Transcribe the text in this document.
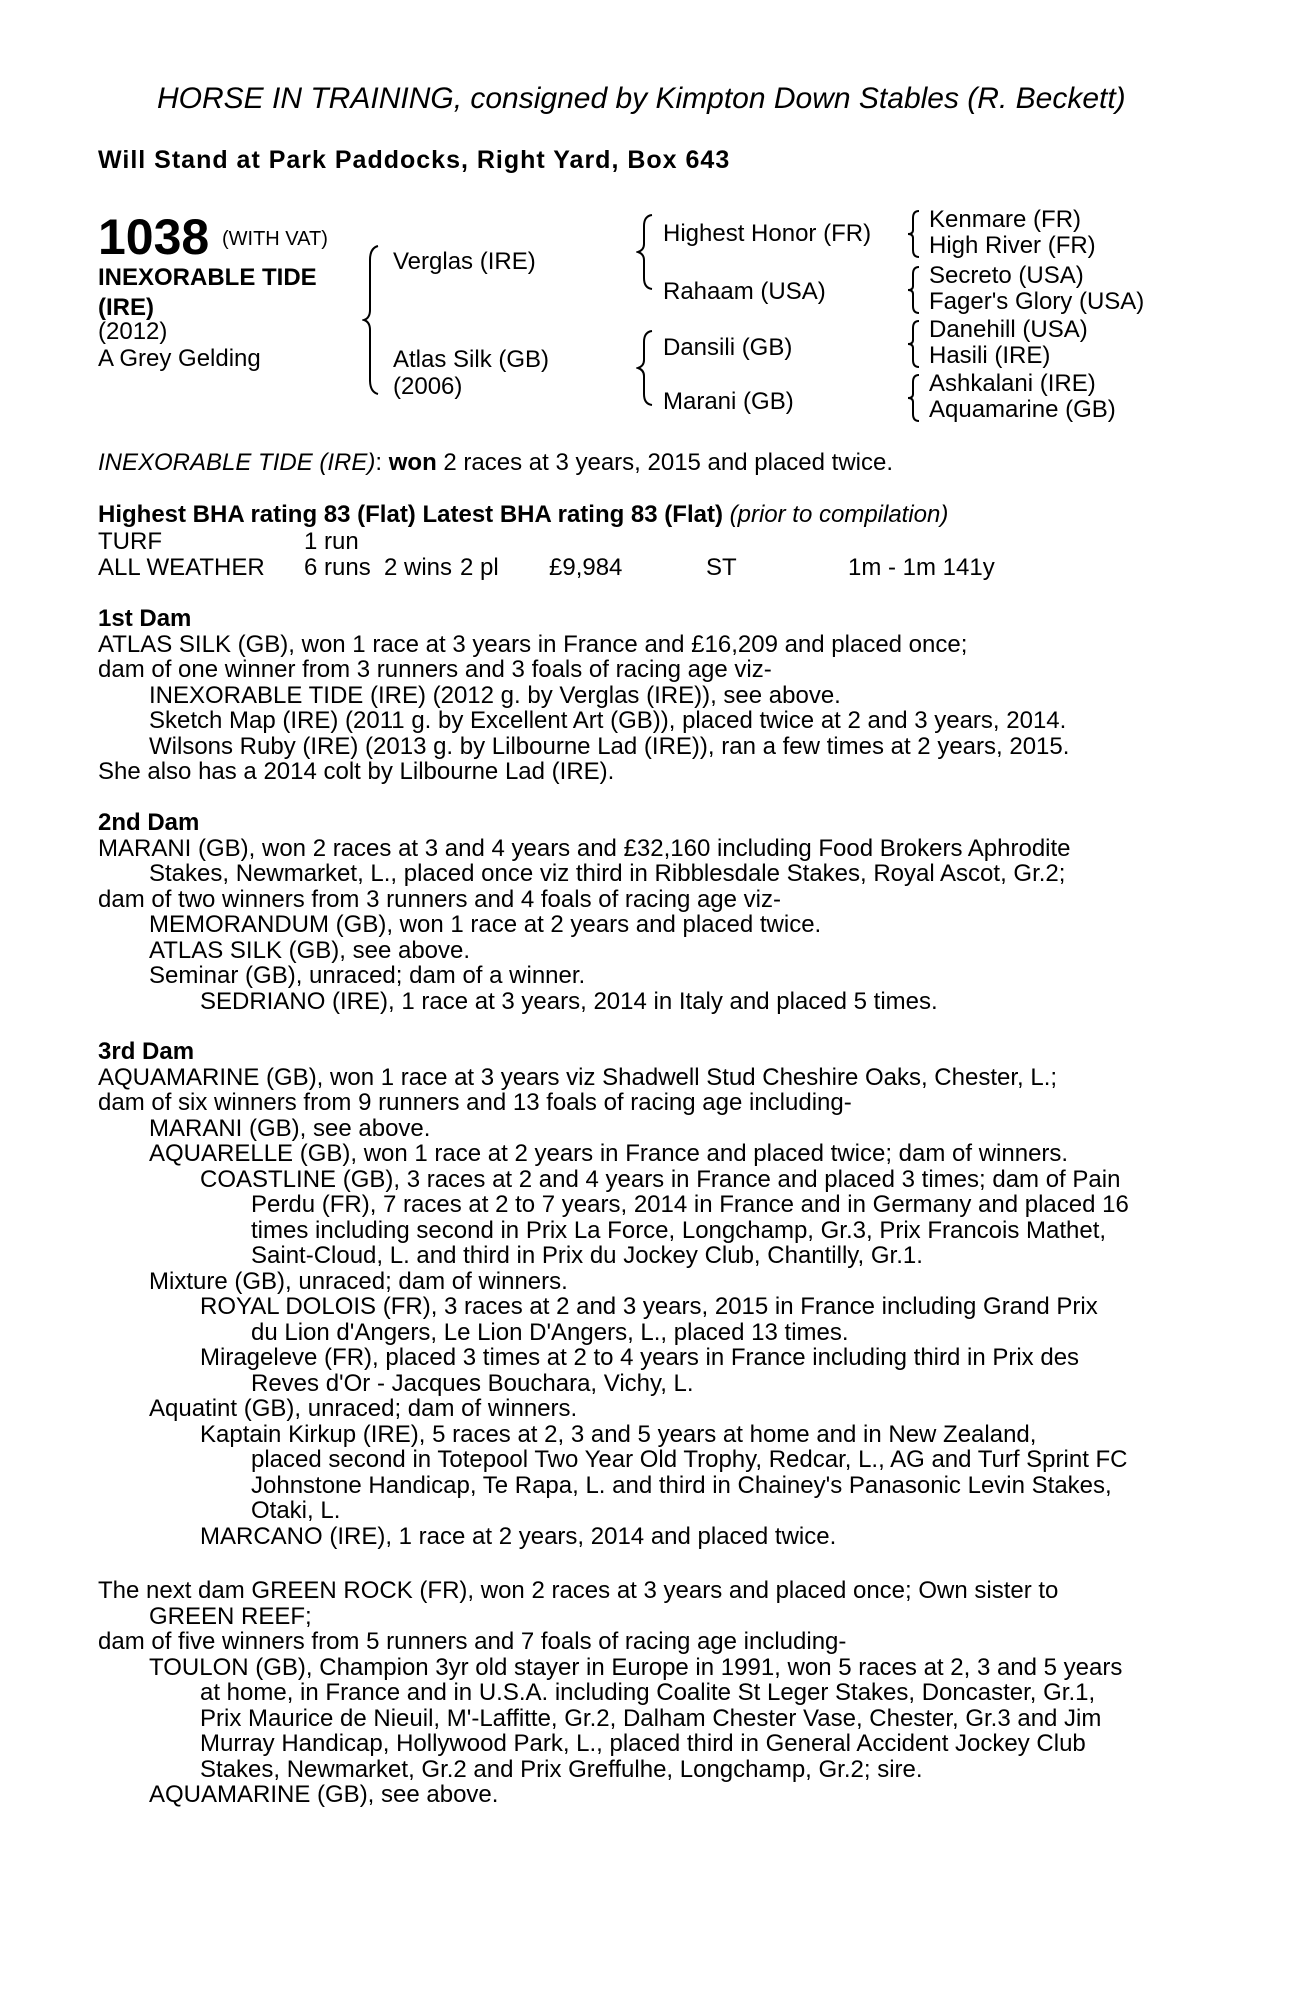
HORSE IN TRAINING, consigned by Kimpton Down Stables (R. Beckett)
Will Stand at Park Paddocks, Right Yard, Box 643
1038 (WITH VAT)
INEXORABLE TIDE
(IRE)
(2012)
A Grey Gelding
Verglas (IRE)
Atlas Silk (GB)
(2006)
Highest Honor (FR)
Rahaam (USA)
Dansili (GB)
Marani (GB)
Kenmare (FR)
High River (FR)
Secreto (USA)
Fager's Glory (USA)
Danehill (USA)
Hasili (IRE)
Ashkalani (IRE)
Aquamarine (GB)
INEXORABLE TIDE (IRE): won 2 races at 3 years, 2015 and placed twice.
Highest BHA rating 83 (Flat) Latest BHA rating 83 (Flat) (prior to compilation)
TURF	1 run
ALL WEATHER 6 runs 2 wins 2 pl £9,984	ST	1m - 1m 141y
1st Dam
ATLAS SILK (GB), won 1 race at 3 years in France and £16,209 and placed once;
dam of one winner from 3 runners and 3 foals of racing age viz-
INEXORABLE TIDE (IRE) (2012 g. by Verglas (IRE)), see above.
Sketch Map (IRE) (2011 g. by Excellent Art (GB)), placed twice at 2 and 3 years, 2014.
Wilsons Ruby (IRE) (2013 g. by Lilbourne Lad (IRE)), ran a few times at 2 years, 2015.
She also has a 2014 colt by Lilbourne Lad (IRE).
2nd Dam
MARANI (GB), won 2 races at 3 and 4 years and £32,160 including Food Brokers Aphrodite
Stakes, Newmarket, L., placed once viz third in Ribblesdale Stakes, Royal Ascot, Gr.2;
dam of two winners from 3 runners and 4 foals of racing age viz-
MEMORANDUM (GB), won 1 race at 2 years and placed twice.
ATLAS SILK (GB), see above.
Seminar (GB), unraced; dam of a winner.
SEDRIANO (IRE), 1 race at 3 years, 2014 in Italy and placed 5 times.
3rd Dam
AQUAMARINE (GB), won 1 race at 3 years viz Shadwell Stud Cheshire Oaks, Chester, L.;
dam of six winners from 9 runners and 13 foals of racing age including-
MARANI (GB), see above.
AQUARELLE (GB), won 1 race at 2 years in France and placed twice; dam of winners.
COASTLINE (GB), 3 races at 2 and 4 years in France and placed 3 times; dam of Pain
Perdu (FR), 7 races at 2 to 7 years, 2014 in France and in Germany and placed 16
times including second in Prix La Force, Longchamp, Gr.3, Prix Francois Mathet,
Saint-Cloud, L. and third in Prix du Jockey Club, Chantilly, Gr.1.
Mixture (GB), unraced; dam of winners.
ROYAL DOLOIS (FR), 3 races at 2 and 3 years, 2015 in France including Grand Prix
du Lion d'Angers, Le Lion D'Angers, L., placed 13 times.
Mirageleve (FR), placed 3 times at 2 to 4 years in France including third in Prix des
Reves d'Or - Jacques Bouchara, Vichy, L.
Aquatint (GB), unraced; dam of winners.
Kaptain Kirkup (IRE), 5 races at 2, 3 and 5 years at home and in New Zealand,
placed second in Totepool Two Year Old Trophy, Redcar, L., AG and Turf Sprint FC
Johnstone Handicap, Te Rapa, L. and third in Chainey's Panasonic Levin Stakes,
Otaki, L.
MARCANO (IRE), 1 race at 2 years, 2014 and placed twice.
The next dam GREEN ROCK (FR), won 2 races at 3 years and placed once; Own sister to
GREEN REEF;
dam of five winners from 5 runners and 7 foals of racing age including-
TOULON (GB), Champion 3yr old stayer in Europe in 1991, won 5 races at 2, 3 and 5 years
at home, in France and in U.S.A. including Coalite St Leger Stakes, Doncaster, Gr.1,
Prix Maurice de Nieuil, M'-Laffitte, Gr.2, Dalham Chester Vase, Chester, Gr.3 and Jim
Murray Handicap, Hollywood Park, L., placed third in General Accident Jockey Club
Stakes, Newmarket, Gr.2 and Prix Greffulhe, Longchamp, Gr.2; sire.
AQUAMARINE (GB), see above.
